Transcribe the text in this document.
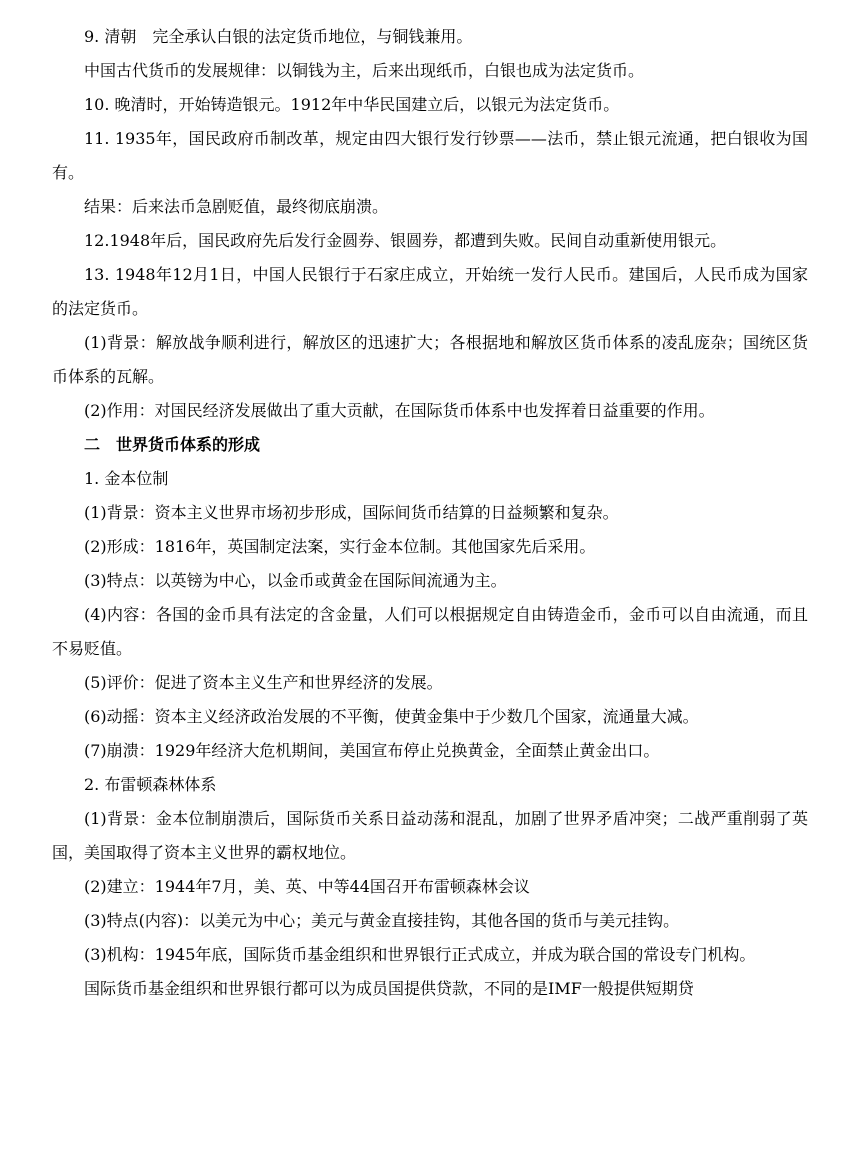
9. 清朝　完全承认白银的法定货币地位，与铜钱兼用。

中国古代货币的发展规律：以铜钱为主，后来出现纸币，白银也成为法定货币。

10. 晚清时，开始铸造银元。1912年中华民国建立后，以银元为法定货币。

11. 1935年，国民政府币制改革，规定由四大银行发行钞票——法币，禁止银元流通，把白银收为国有。

结果：后来法币急剧贬值，最终彻底崩溃。

12.1948年后，国民政府先后发行金圆券、银圆券，都遭到失败。民间自动重新使用银元。

13. 1948年12月1日，中国人民银行于石家庄成立，开始统一发行人民币。建国后，人民币成为国家的法定货币。

(1)背景：解放战争顺利进行，解放区的迅速扩大；各根据地和解放区货币体系的凌乱庞杂；国统区货币体系的瓦解。

(2)作用：对国民经济发展做出了重大贡献，在国际货币体系中也发挥着日益重要的作用。

二　世界货币体系的形成

1. 金本位制

(1)背景：资本主义世界市场初步形成，国际间货币结算的日益频繁和复杂。

(2)形成：1816年，英国制定法案，实行金本位制。其他国家先后采用。

(3)特点：以英镑为中心，以金币或黄金在国际间流通为主。

(4)内容：各国的金币具有法定的含金量，人们可以根据规定自由铸造金币，金币可以自由流通，而且不易贬值。

(5)评价：促进了资本主义生产和世界经济的发展。

(6)动摇：资本主义经济政治发展的不平衡，使黄金集中于少数几个国家，流通量大减。

(7)崩溃：1929年经济大危机期间，美国宣布停止兑换黄金，全面禁止黄金出口。

2. 布雷顿森林体系

(1)背景：金本位制崩溃后，国际货币关系日益动荡和混乱，加剧了世界矛盾冲突；二战严重削弱了英国，美国取得了资本主义世界的霸权地位。

(2)建立：1944年7月，美、英、中等44国召开布雷顿森林会议

(3)特点(内容)：以美元为中心；美元与黄金直接挂钩，其他各国的货币与美元挂钩。

(3)机构：1945年底，国际货币基金组织和世界银行正式成立，并成为联合国的常设专门机构。

国际货币基金组织和世界银行都可以为成员国提供贷款，不同的是IMF一般提供短期贷
